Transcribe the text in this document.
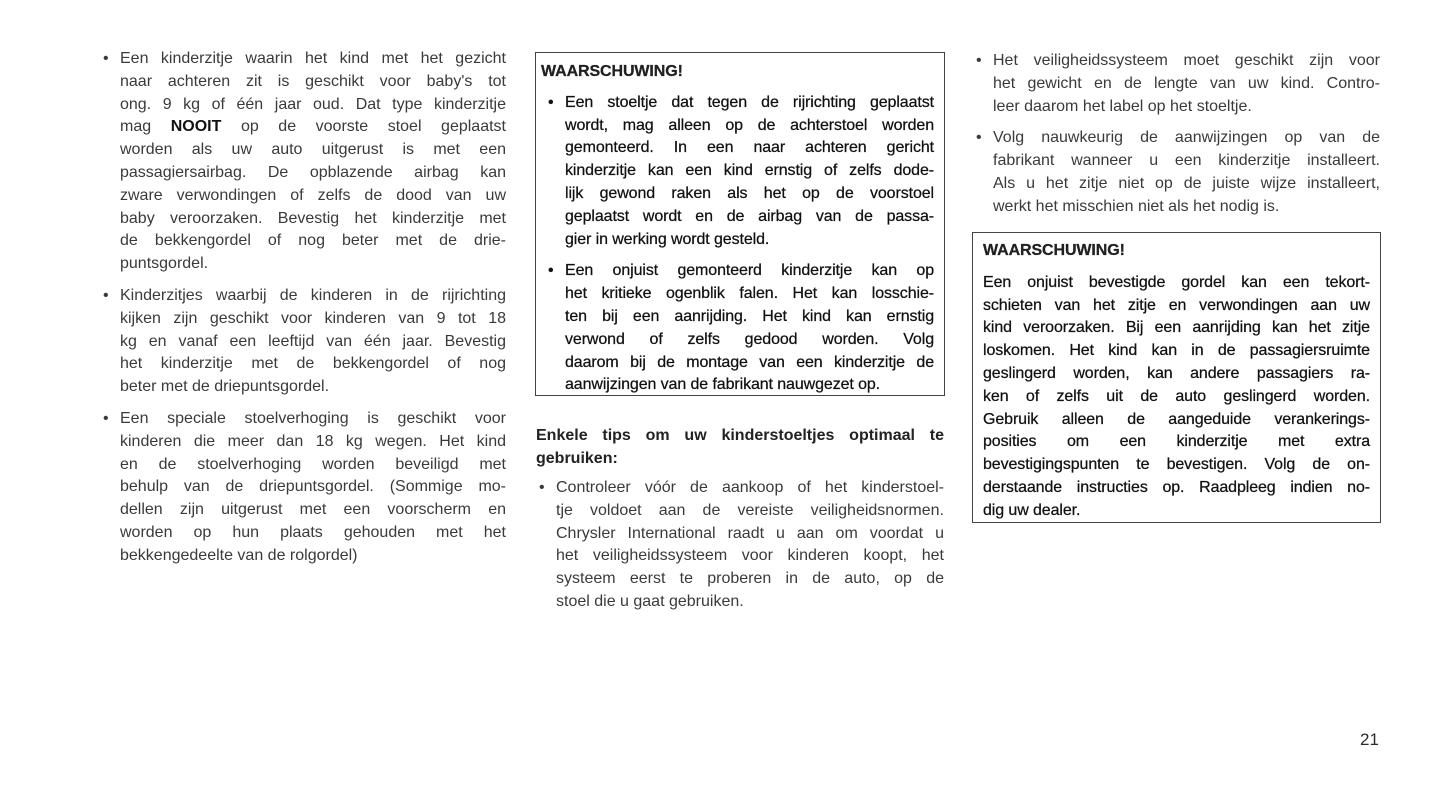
• Een kinderzitje waarin het kind met het gezicht
naar achteren zit is geschikt voor baby's tot
ong. 9 kg of één jaar oud. Dat type kinderzitje
mag NOOIT op de voorste stoel geplaatst
worden als uw auto uitgerust is met een
passagiersairbag. De opblazende airbag kan
zware verwondingen of zelfs de dood van uw
baby veroorzaken. Bevestig het kinderzitje met
de bekkengordel of nog beter met de drie-
puntsgordel.
• Kinderzitjes waarbij de kinderen in de rijrichting
kijken zijn geschikt voor kinderen van 9 tot 18
kg en vanaf een leeftijd van één jaar. Bevestig
het kinderzitje met de bekkengordel of nog
beter met de driepuntsgordel.
• Een speciale stoelverhoging is geschikt voor
kinderen die meer dan 18 kg wegen. Het kind
en de stoelverhoging worden beveiligd met
behulp van de driepuntsgordel. (Sommige mo-
dellen zijn uitgerust met een voorscherm en
worden op hun plaats gehouden met het
bekkengedeelte van de rolgordel)
WAARSCHUWING!
• Een stoeltje dat tegen de rijrichting geplaatst
wordt, mag alleen op de achterstoel worden
gemonteerd. In een naar achteren gericht
kinderzitje kan een kind ernstig of zelfs dode-
lijk gewond raken als het op de voorstoel
geplaatst wordt en de airbag van de passa-
gier in werking wordt gesteld.
• Een onjuist gemonteerd kinderzitje kan op
het kritieke ogenblik falen. Het kan losschie-
ten bij een aanrijding. Het kind kan ernstig
verwond of zelfs gedood worden. Volg
daarom bij de montage van een kinderzitje de
aanwijzingen van de fabrikant nauwgezet op.
Enkele tips om uw kinderstoeltjes optimaal te
gebruiken:
• Controleer vóór de aankoop of het kinderstoel-
tje voldoet aan de vereiste veiligheidsnormen.
Chrysler International raadt u aan om voordat u
het veiligheidssysteem voor kinderen koopt, het
systeem eerst te proberen in de auto, op de
stoel die u gaat gebruiken.
• Het veiligheidssysteem moet geschikt zijn voor
het gewicht en de lengte van uw kind. Contro-
leer daarom het label op het stoeltje.
• Volg nauwkeurig de aanwijzingen op van de
fabrikant wanneer u een kinderzitje installeert.
Als u het zitje niet op de juiste wijze installeert,
werkt het misschien niet als het nodig is.
WAARSCHUWING!
Een onjuist bevestigde gordel kan een tekort-
schieten van het zitje en verwondingen aan uw
kind veroorzaken. Bij een aanrijding kan het zitje
loskomen. Het kind kan in de passagiersruimte
geslingerd worden, kan andere passagiers ra-
ken of zelfs uit de auto geslingerd worden.
Gebruik alleen de aangeduide verankerings-
posities om een kinderzitje met extra
bevestigingspunten te bevestigen. Volg de on-
derstaande instructies op. Raadpleeg indien no-
dig uw dealer.
21
